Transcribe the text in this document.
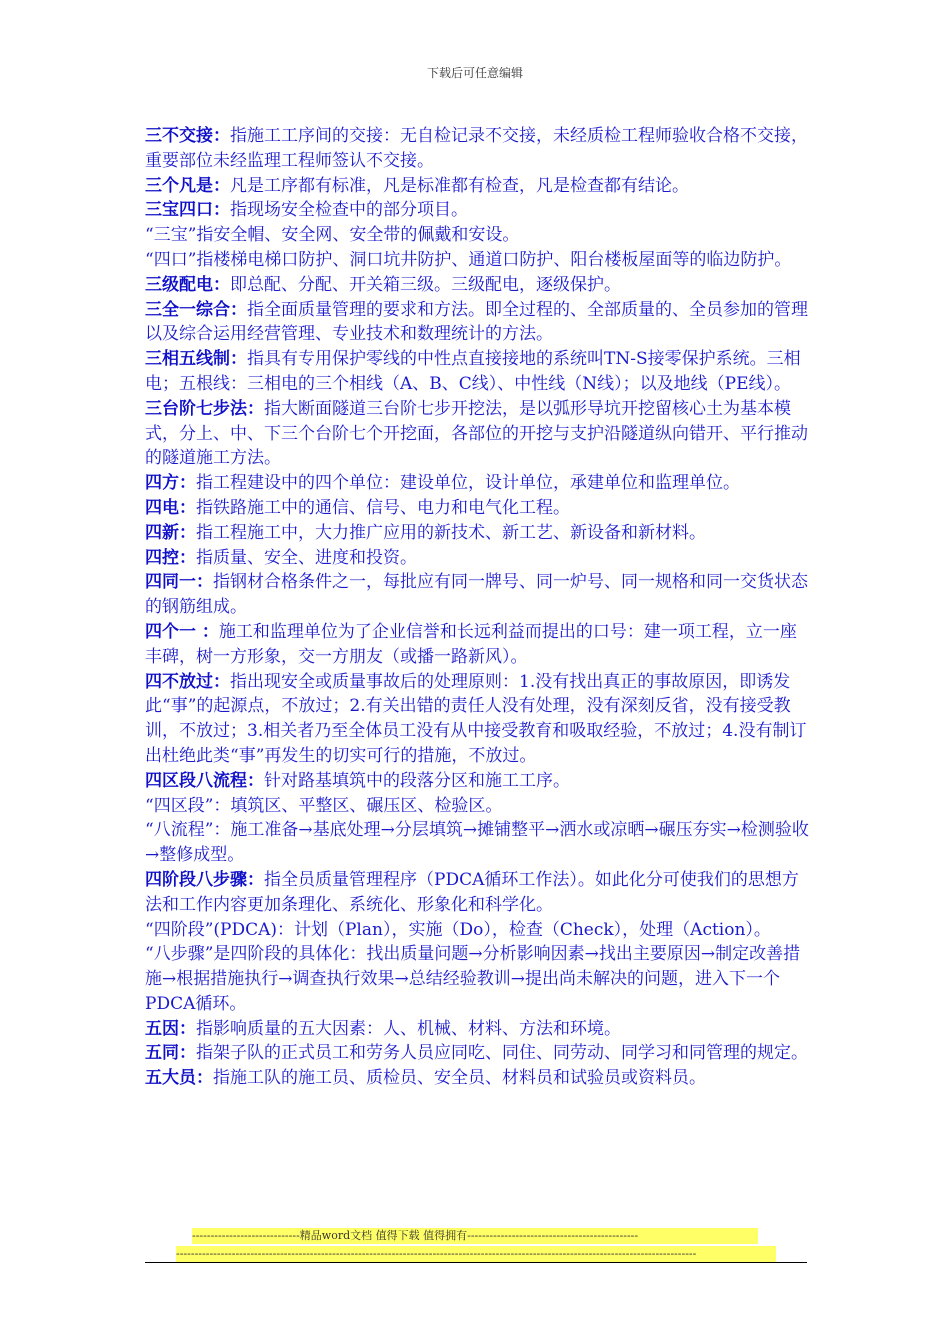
下载后可任意编辑

三不交接：指施工工序间的交接：无自检记录不交接，未经质检工程师验收合格不交接，重要部位未经监理工程师签认不交接。

三个凡是：凡是工序都有标准，凡是标准都有检查，凡是检查都有结论。

三宝四口：指现场安全检查中的部分项目。

“三宝”指安全帽、安全网、安全带的佩戴和安设。

“四口”指楼梯电梯口防护、洞口坑井防护、通道口防护、阳台楼板屋面等的临边防护。

三级配电：即总配、分配、开关箱三级。三级配电，逐级保护。

三全一综合：指全面质量管理的要求和方法。即全过程的、全部质量的、全员参加的管理以及综合运用经营管理、专业技术和数理统计的方法。

三相五线制：指具有专用保护零线的中性点直接接地的系统叫TN-S接零保护系统。三相电；五根线：三相电的三个相线（A、B、C线）、中性线（N线）；以及地线（PE线）。

三台阶七步法：指大断面隧道三台阶七步开挖法，是以弧形导坑开挖留核心土为基本模式，分上、中、下三个台阶七个开挖面，各部位的开挖与支护沿隧道纵向错开、平行推动的隧道施工方法。

四方：指工程建设中的四个单位：建设单位，设计单位，承建单位和监理单位。

四电：指铁路施工中的通信、信号、电力和电气化工程。

四新：指工程施工中，大力推广应用的新技术、新工艺、新设备和新材料。

四控：指质量、安全、进度和投资。

四同一：指钢材合格条件之一，每批应有同一牌号、同一炉号、同一规格和同一交货状态的钢筋组成。

四个一 ：施工和监理单位为了企业信誉和长远利益而提出的口号：建一项工程，立一座丰碑，树一方形象，交一方朋友（或播一路新风）。

四不放过：指出现安全或质量事故后的处理原则：1.没有找出真正的事故原因，即诱发此“事”的起源点，不放过；2.有关出错的责任人没有处理，没有深刻反省，没有接受教训，不放过；3.相关者乃至全体员工没有从中接受教育和吸取经验，不放过；4.没有制订出杜绝此类“事”再发生的切实可行的措施，不放过。

四区段八流程：针对路基填筑中的段落分区和施工工序。

“四区段”：填筑区、平整区、碾压区、检验区。

“八流程”：施工准备→基底处理→分层填筑→摊铺整平→洒水或凉晒→碾压夯实→检测验收→整修成型。

四阶段八步骤：指全员质量管理程序（PDCA循环工作法）。如此化分可使我们的思想方法和工作内容更加条理化、系统化、形象化和科学化。

“四阶段”(PDCA)：计划（Plan），实施（Do），检查（Check），处理（Action）。

“八步骤”是四阶段的具体化：找出质量问题→分析影响因素→找出主要原因→制定改善措施→根据措施执行→调查执行效果→总结经验教训→提出尚未解决的问题，进入下一个PDCA循环。

五因：指影响质量的五大因素：人、机械、材料、方法和环境。

五同：指架子队的正式员工和劳务人员应同吃、同住、同劳动、同学习和同管理的规定。

五大员：指施工队的施工员、质检员、安全员、材料员和试验员或资料员。

-----------------------------精品word文档 值得下载 值得拥有----------------------------------------------
--------------------------------------------------------------------------------------------------------------------------------------------
